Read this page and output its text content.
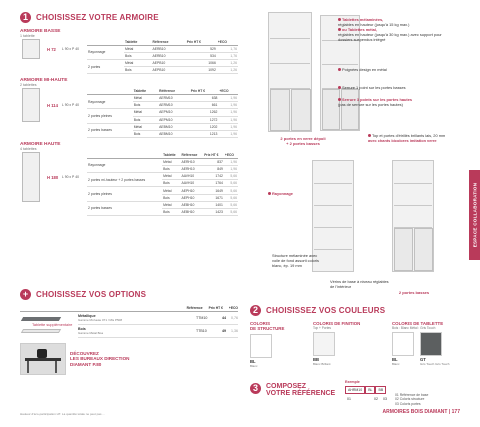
1	CHOISISSEZ VOTRE ARMOIRE
ARMOIRE BASSE
1 tablette
H 72	L 90 x P 40
	Tablette	Référence	Prix HT €	+ECO
Rayonnage	Métal	AERB10	529	1,76
	Bois	AERB10	534	1,76
2 portes	Métal	AEPB10	1066	1,26
	Bois	AEPB10	1092	1,26
ARMOIRE MI-HAUTE
2 tablettes
H 114	L 90 x P 40
	Tablette	Référence	Prix HT €	+ECO
Rayonnage	Métal	AERM10	638	1,96
	Bois	AERM10	661	1,96
2 portes pleines	Métal	AEPM10	1262	1,96
	Bois	AEPM10	1272	1,96
2 portes basses	Métal	AEBM10	1202	1,96
	Bois	AEBM10	1213	1,96
ARMOIRE HAUTE
4 tablettes
H 180 L 90 x P 40
	Tablette	Référence	Prix HT €	+ECO
Rayonnage	Métal	AERH10	837	1,96
	Bois	AERH10	849	1,96
2 portes mi-hauteur + 2 portes basses	Métal	AAVH10	1742	5,66
	Bois	AAVH10	1764	5,66
2 portes pleines	Métal	AEPH10	1649	5,66
	Bois	AEPH10	1671	5,66
2 portes basses	Métal	AEBH10	1401	5,66
	Bois	AEBH10	1423	5,66
+ CHOISISSEZ VOS OPTIONS
Référence Prix HT € +ECO
Tablette supplémentaire
Métallique
Gamme Mi-haute 071 / Mis P508	TTM10	44	0,76
Bois
Gamme Métal Boa	TTB10	49	1,36
DÉCOUVREZ
LES BUREAUX DIRECTION
DIAMANT P.80
Hauteur d'éco-participation HT. La quantité totale ne peut pas ...
2 portes en verre dépoli
+ 2 portes basses
Tablettes mélaminées,
réglables en hauteur (jusqu'à 15 kg max.)
ou Tablettes métal,
réglables en hauteur (jusqu'à 30 kg max.) avec support pour dossiers suspendus intégré
Poignées design en métal
Serrure 1 point sur les portes basses
Serrure 3 points sur les portes hautes
(pas de serrure sur les portes hautes)
Top et portes d'étrillés brillants lais, 20 mm
avec chants bicolores imitation verre
Rayonnage
Structure mélaminée avec voile de fond assorti coloris blanc, ép. 19 mm
Vérins de base à niveau réglables de l'intérieur
2 portes basses
ESPACE COLLABORATION
2	CHOISISSEZ VOS COULEURS
COLORIS
DE STRUCTURE
BL
Blanc
COLORIS DE FINITION
Top + Portes
BB
Blanc Brillant
COLORIS DE TABLETTE
Bois : Blanc Métal : Gris Touch
BL
Blanc
GT
Gris Touch Gris Touch
3	COMPOSEZ
VOTRE RÉFÉRENCE
Exemple
AHRM10	BL	BB
01	02	03
01 Référence de base
02 Coloris structure
03 Coloris portes
ARMOIRES BOIS DIAMANT | 177
